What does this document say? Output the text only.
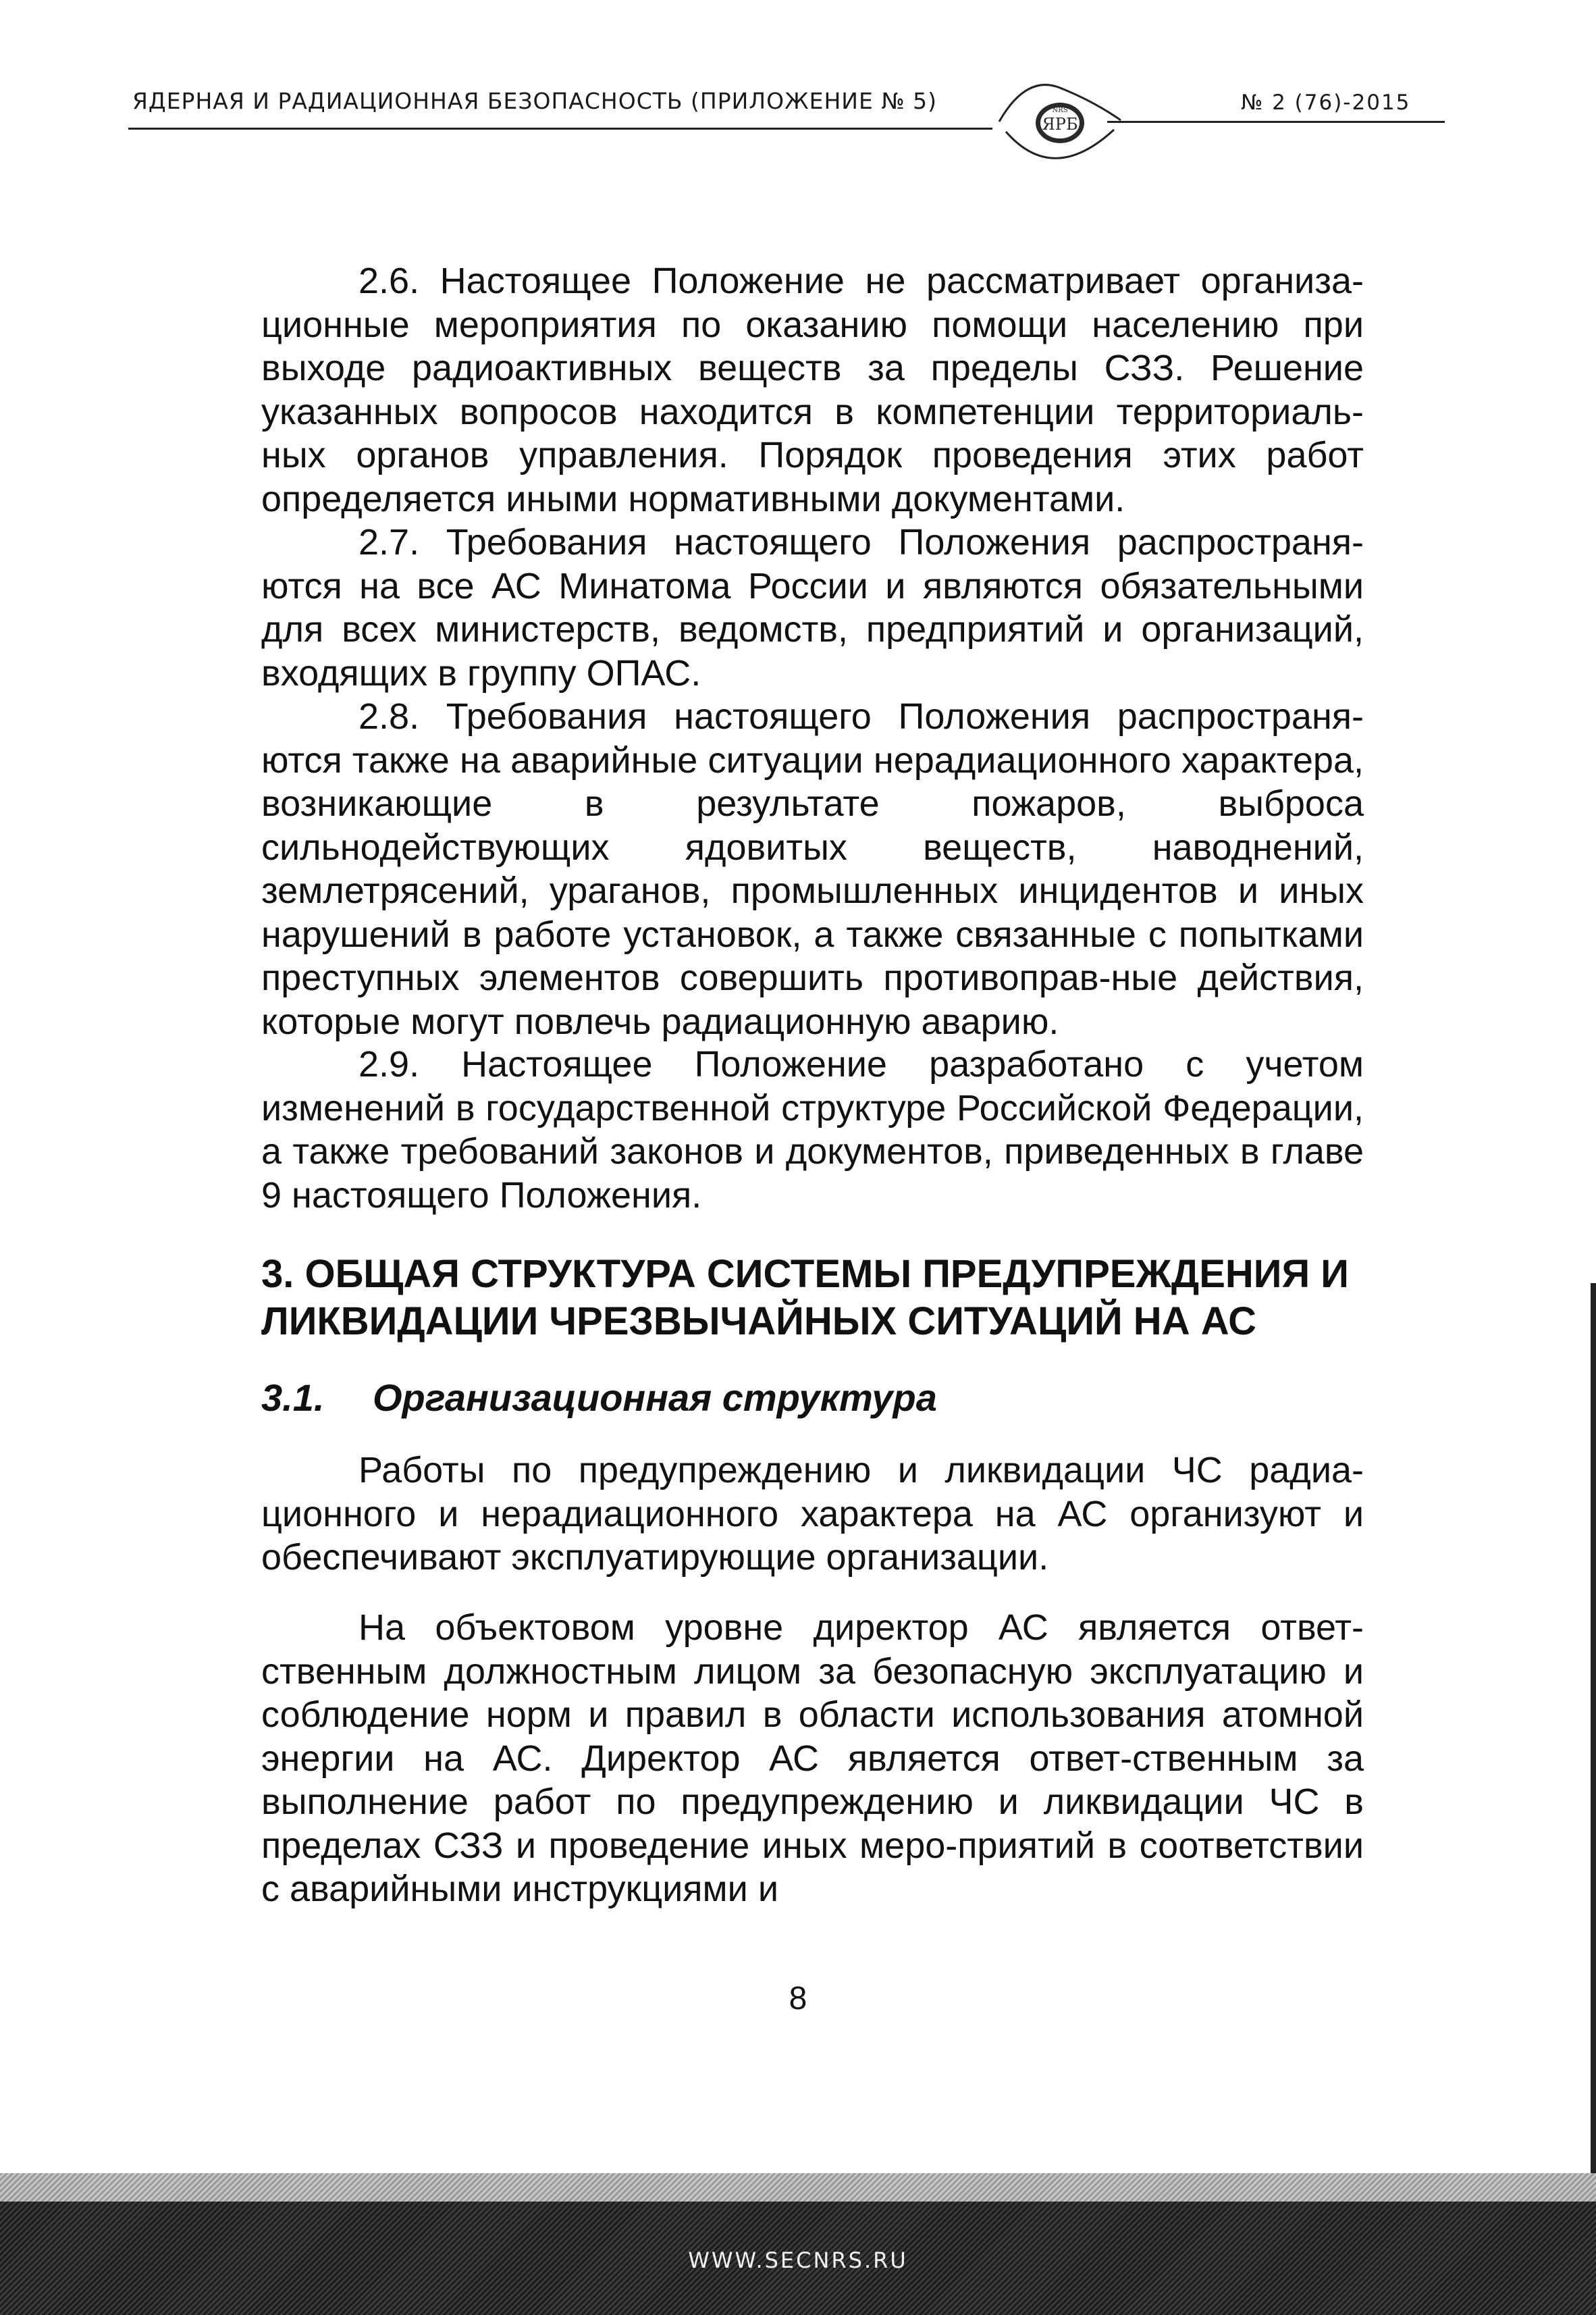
ЯДЕРНАЯ И РАДИАЦИОННАЯ БЕЗОПАСНОСТЬ (ПРИЛОЖЕНИЕ № 5)
ЯРБ
NRS	№ 2 (76)-2015

2.6. Настоящее Положение не рассматривает организа-ционные мероприятия по оказанию помощи населению при выходе радиоактивных веществ за пределы СЗЗ. Решение указанных вопросов находится в компетенции территориаль-ных органов управления. Порядок проведения этих работ определяется иными нормативными документами.

2.7. Требования настоящего Положения распространя-ются на все АС Минатома России и являются обязательными для всех министерств, ведомств, предприятий и организаций, входящих в группу ОПАС.

2.8. Требования настоящего Положения распространя-ются также на аварийные ситуации нерадиационного характера, возникающие в результате пожаров, выброса сильнодействующих ядовитых веществ, наводнений, землетрясений, ураганов, промышленных инцидентов и иных нарушений в работе установок, а также связанные с попытками преступных элементов совершить противоправ-ные действия, которые могут повлечь радиационную аварию.

2.9. Настоящее Положение разработано с учетом изменений в государственной структуре Российской Федерации, а также требований законов и документов, приведенных в главе 9 настоящего Положения.

3. ОБЩАЯ СТРУКТУРА СИСТЕМЫ ПРЕДУПРЕЖДЕНИЯ И ЛИКВИДАЦИИ ЧРЕЗВЫЧАЙНЫХ СИТУАЦИЙ НА АС
3.1. Организационная структура

Работы по предупреждению и ликвидации ЧС радиа-ционного и нерадиационного характера на АС организуют и обеспечивают эксплуатирующие организации.

На объектовом уровне директор АС является ответ-ственным должностным лицом за безопасную эксплуатацию и соблюдение норм и правил в области использования атомной энергии на АС. Директор АС является ответ-ственным за выполнение работ по предупреждению и ликвидации ЧС в пределах СЗЗ и проведение иных меро-приятий в соответствии с аварийными инструкциями и

8
WWW.SECNRS.RU
